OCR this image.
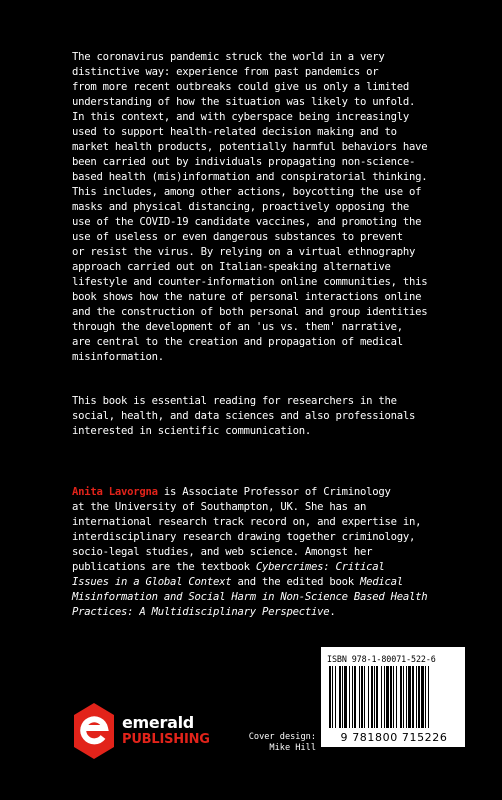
The coronavirus pandemic struck the world in a very
distinctive way: experience from past pandemics or
from more recent outbreaks could give us only a limited
understanding of how the situation was likely to unfold.
In this context, and with cyberspace being increasingly
used to support health-related decision making and to
market health products, potentially harmful behaviors have
been carried out by individuals propagating non-science-
based health (mis)information and conspiratorial thinking.
This includes, among other actions, boycotting the use of
masks and physical distancing, proactively opposing the
use of the COVID-19 candidate vaccines, and promoting the
use of useless or even dangerous substances to prevent
or resist the virus. By relying on a virtual ethnography
approach carried out on Italian-speaking alternative
lifestyle and counter-information online communities, this
book shows how the nature of personal interactions online
and the construction of both personal and group identities
through the development of an 'us vs. them' narrative,
are central to the creation and propagation of medical
misinformation.

This book is essential reading for researchers in the
social, health, and data sciences and also professionals
interested in scientific communication.

Anita Lavorgna is Associate Professor of Criminology
at the University of Southampton, UK. She has an
international research track record on, and expertise in,
interdisciplinary research drawing together criminology,
socio-legal studies, and web science. Amongst her
publications are the textbook Cybercrimes: Critical
Issues in a Global Context and the edited book Medical
Misinformation and Social Harm in Non-Science Based Health
Practices: A Multidisciplinary Perspective.

ISBN 978-1-80071-522-6
9 781800 715226
emerald
PUBLISHING	Cover design:
Mike Hill
